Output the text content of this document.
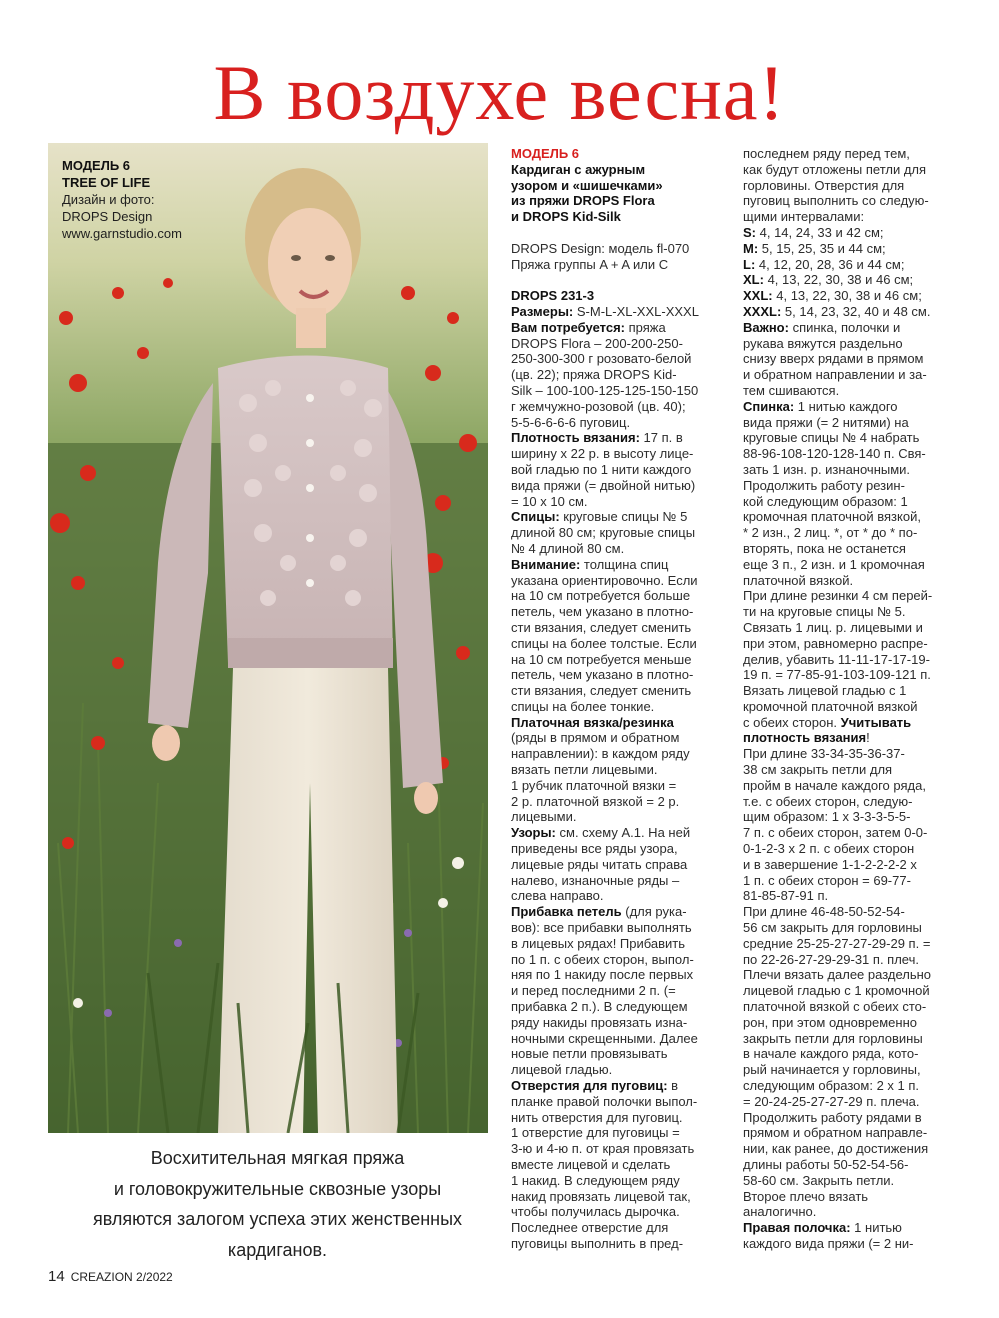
В воздухе весна!
МОДЕЛЬ 6
TREE OF LIFE
Дизайн и фото:
DROPS Design
www.garnstudio.com
Восхитительная мягкая пряжа
и головокружительные сквозные узоры
являются залогом успеха этих женственных
кардиганов.
14 CREAZION 2/2022

МОДЕЛЬ 6

Кардиган с ажурным

узором и «шишечками»

из пряжи DROPS Flora

и DROPS Kid-Silk

DROPS Design: модель fl-070

Пряжа группы A + A или C

DROPS 231-3

Размеры: S-M-L-XL-XXL-XXXL

Вам потребуется: пряжа

DROPS Flora – 200-200-250-

250-300-300 г розовато-белой

(цв. 22); пряжа DROPS Kid-

Silk – 100-100-125-125-150-150

г жемчужно-розовой (цв. 40);

5-5-6-6-6-6 пуговиц.

Плотность вязания: 17 п. в

ширину x 22 р. в высоту лице-

вой гладью по 1 нити каждого

вида пряжи (= двойной нитью)

= 10 x 10 см.

Спицы: круговые спицы № 5

длиной 80 см; круговые спицы

№ 4 длиной 80 см.

Внимание: толщина спиц

указана ориентировочно. Если

на 10 см потребуется больше

петель, чем указано в плотно-

сти вязания, следует сменить

спицы на более толстые. Если

на 10 см потребуется меньше

петель, чем указано в плотно-

сти вязания, следует сменить

спицы на более тонкие.

Платочная вязка/резинка

(ряды в прямом и обратном

направлении): в каждом ряду

вязать петли лицевыми.

1 рубчик платочной вязки =

2 р. платочной вязкой = 2 р.

лицевыми.

Узоры: см. схему А.1. На ней

приведены все ряды узора,

лицевые ряды читать справа

налево, изнаночные ряды –

слева направо.

Прибавка петель (для рука-

вов): все прибавки выполнять

в лицевых рядах! Прибавить

по 1 п. с обеих сторон, выпол-

няя по 1 накиду после первых

и перед последними 2 п. (=

прибавка 2 п.). В следующем

ряду накиды провязать изна-

ночными скрещенными. Далее

новые петли провязывать

лицевой гладью.

Отверстия для пуговиц: в

планке правой полочки выпол-

нить отверстия для пуговиц.

1 отверстие для пуговицы =

3-ю и 4-ю п. от края провязать

вместе лицевой и сделать

1 накид. В следующем ряду

накид провязать лицевой так,

чтобы получилась дырочка.

Последнее отверстие для

пуговицы выполнить в пред-

последнем ряду перед тем,

как будут отложены петли для

горловины. Отверстия для

пуговиц выполнить со следую-

щими интервалами:

S: 4, 14, 24, 33 и 42 см;

M: 5, 15, 25, 35 и 44 см;

L: 4, 12, 20, 28, 36 и 44 см;

XL: 4, 13, 22, 30, 38 и 46 см;

XXL: 4, 13, 22, 30, 38 и 46 см;

XXXL: 5, 14, 23, 32, 40 и 48 см.

Важно: спинка, полочки и

рукава вяжутся раздельно

снизу вверх рядами в прямом

и обратном направлении и за-

тем сшиваются.

Спинка: 1 нитью каждого

вида пряжи (= 2 нитями) на

круговые спицы № 4 набрать

88-96-108-120-128-140 п. Свя-

зать 1 изн. р. изнаночными.

Продолжить работу резин-

кой следующим образом: 1

кромочная платочной вязкой,

* 2 изн., 2 лиц. *, от * до * по-

вторять, пока не останется

еще 3 п., 2 изн. и 1 кромочная

платочной вязкой.

При длине резинки 4 см перей-

ти на круговые спицы № 5.

Связать 1 лиц. р. лицевыми и

при этом, равномерно распре-

делив, убавить 11-11-17-17-19-

19 п. = 77-85-91-103-109-121 п.

Вязать лицевой гладью с 1

кромочной платочной вязкой

с обеих сторон. Учитывать

плотность вязания!

При длине 33-34-35-36-37-

38 см закрыть петли для

пройм в начале каждого ряда,

т.е. с обеих сторон, следую-

щим образом: 1 x 3-3-3-5-5-

7 п. с обеих сторон, затем 0-0-

0-1-2-3 x 2 п. с обеих сторон

и в завершение 1-1-2-2-2-2 x

1 п. с обеих сторон = 69-77-

81-85-87-91 п.

При длине 46-48-50-52-54-

56 см закрыть для горловины

средние 25-25-27-27-29-29 п. =

по 22-26-27-29-29-31 п. плеч.

Плечи вязать далее раздельно

лицевой гладью с 1 кромочной

платочной вязкой с обеих сто-

рон, при этом одновременно

закрыть петли для горловины

в начале каждого ряда, кото-

рый начинается у горловины,

следующим образом: 2 x 1 п.

= 20-24-25-27-27-29 п. плеча.

Продолжить работу рядами в

прямом и обратном направле-

нии, как ранее, до достижения

длины работы 50-52-54-56-

58-60 см. Закрыть петли.

Второе плечо вязать

аналогично.

Правая полочка: 1 нитью

каждого вида пряжи (= 2 ни-
